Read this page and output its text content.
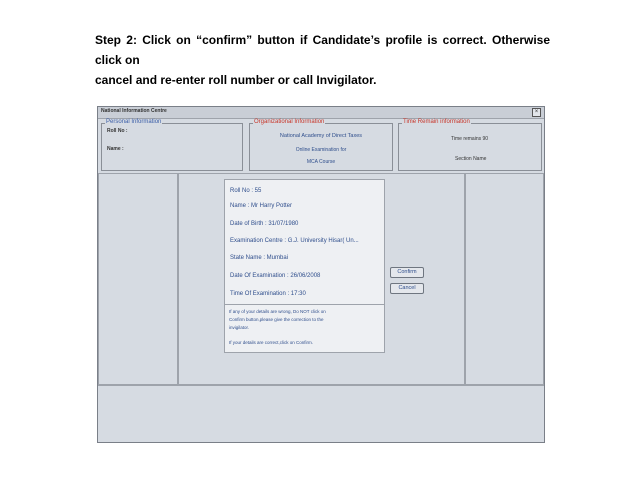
Step 2: Click on “confirm” button if Candidate’s profile is correct. Otherwise click on
cancel and re-enter roll number or call Invigilator.
National Information Centre	×
Personal Information
Roll No :
Name :
Organizational Information
National Academy of Direct Taxes
Online Examination for
MCA Course
Time Remain information
Time remains 90
Section Name
Roll No : 55
Name : Mr Harry Potter
Date of Birth : 31/07/1980
Examination Centre : G.J. University Hisar( Un...
State Name : Mumbai
Date Of Examination : 26/06/2008
Time Of Examination : 17:30
If any of your details are wrong, Do NOT click on
Confirm button,please give the correction to the
invigilator.
If your details are correct,click on Confirm.
Confirm
Cancel
